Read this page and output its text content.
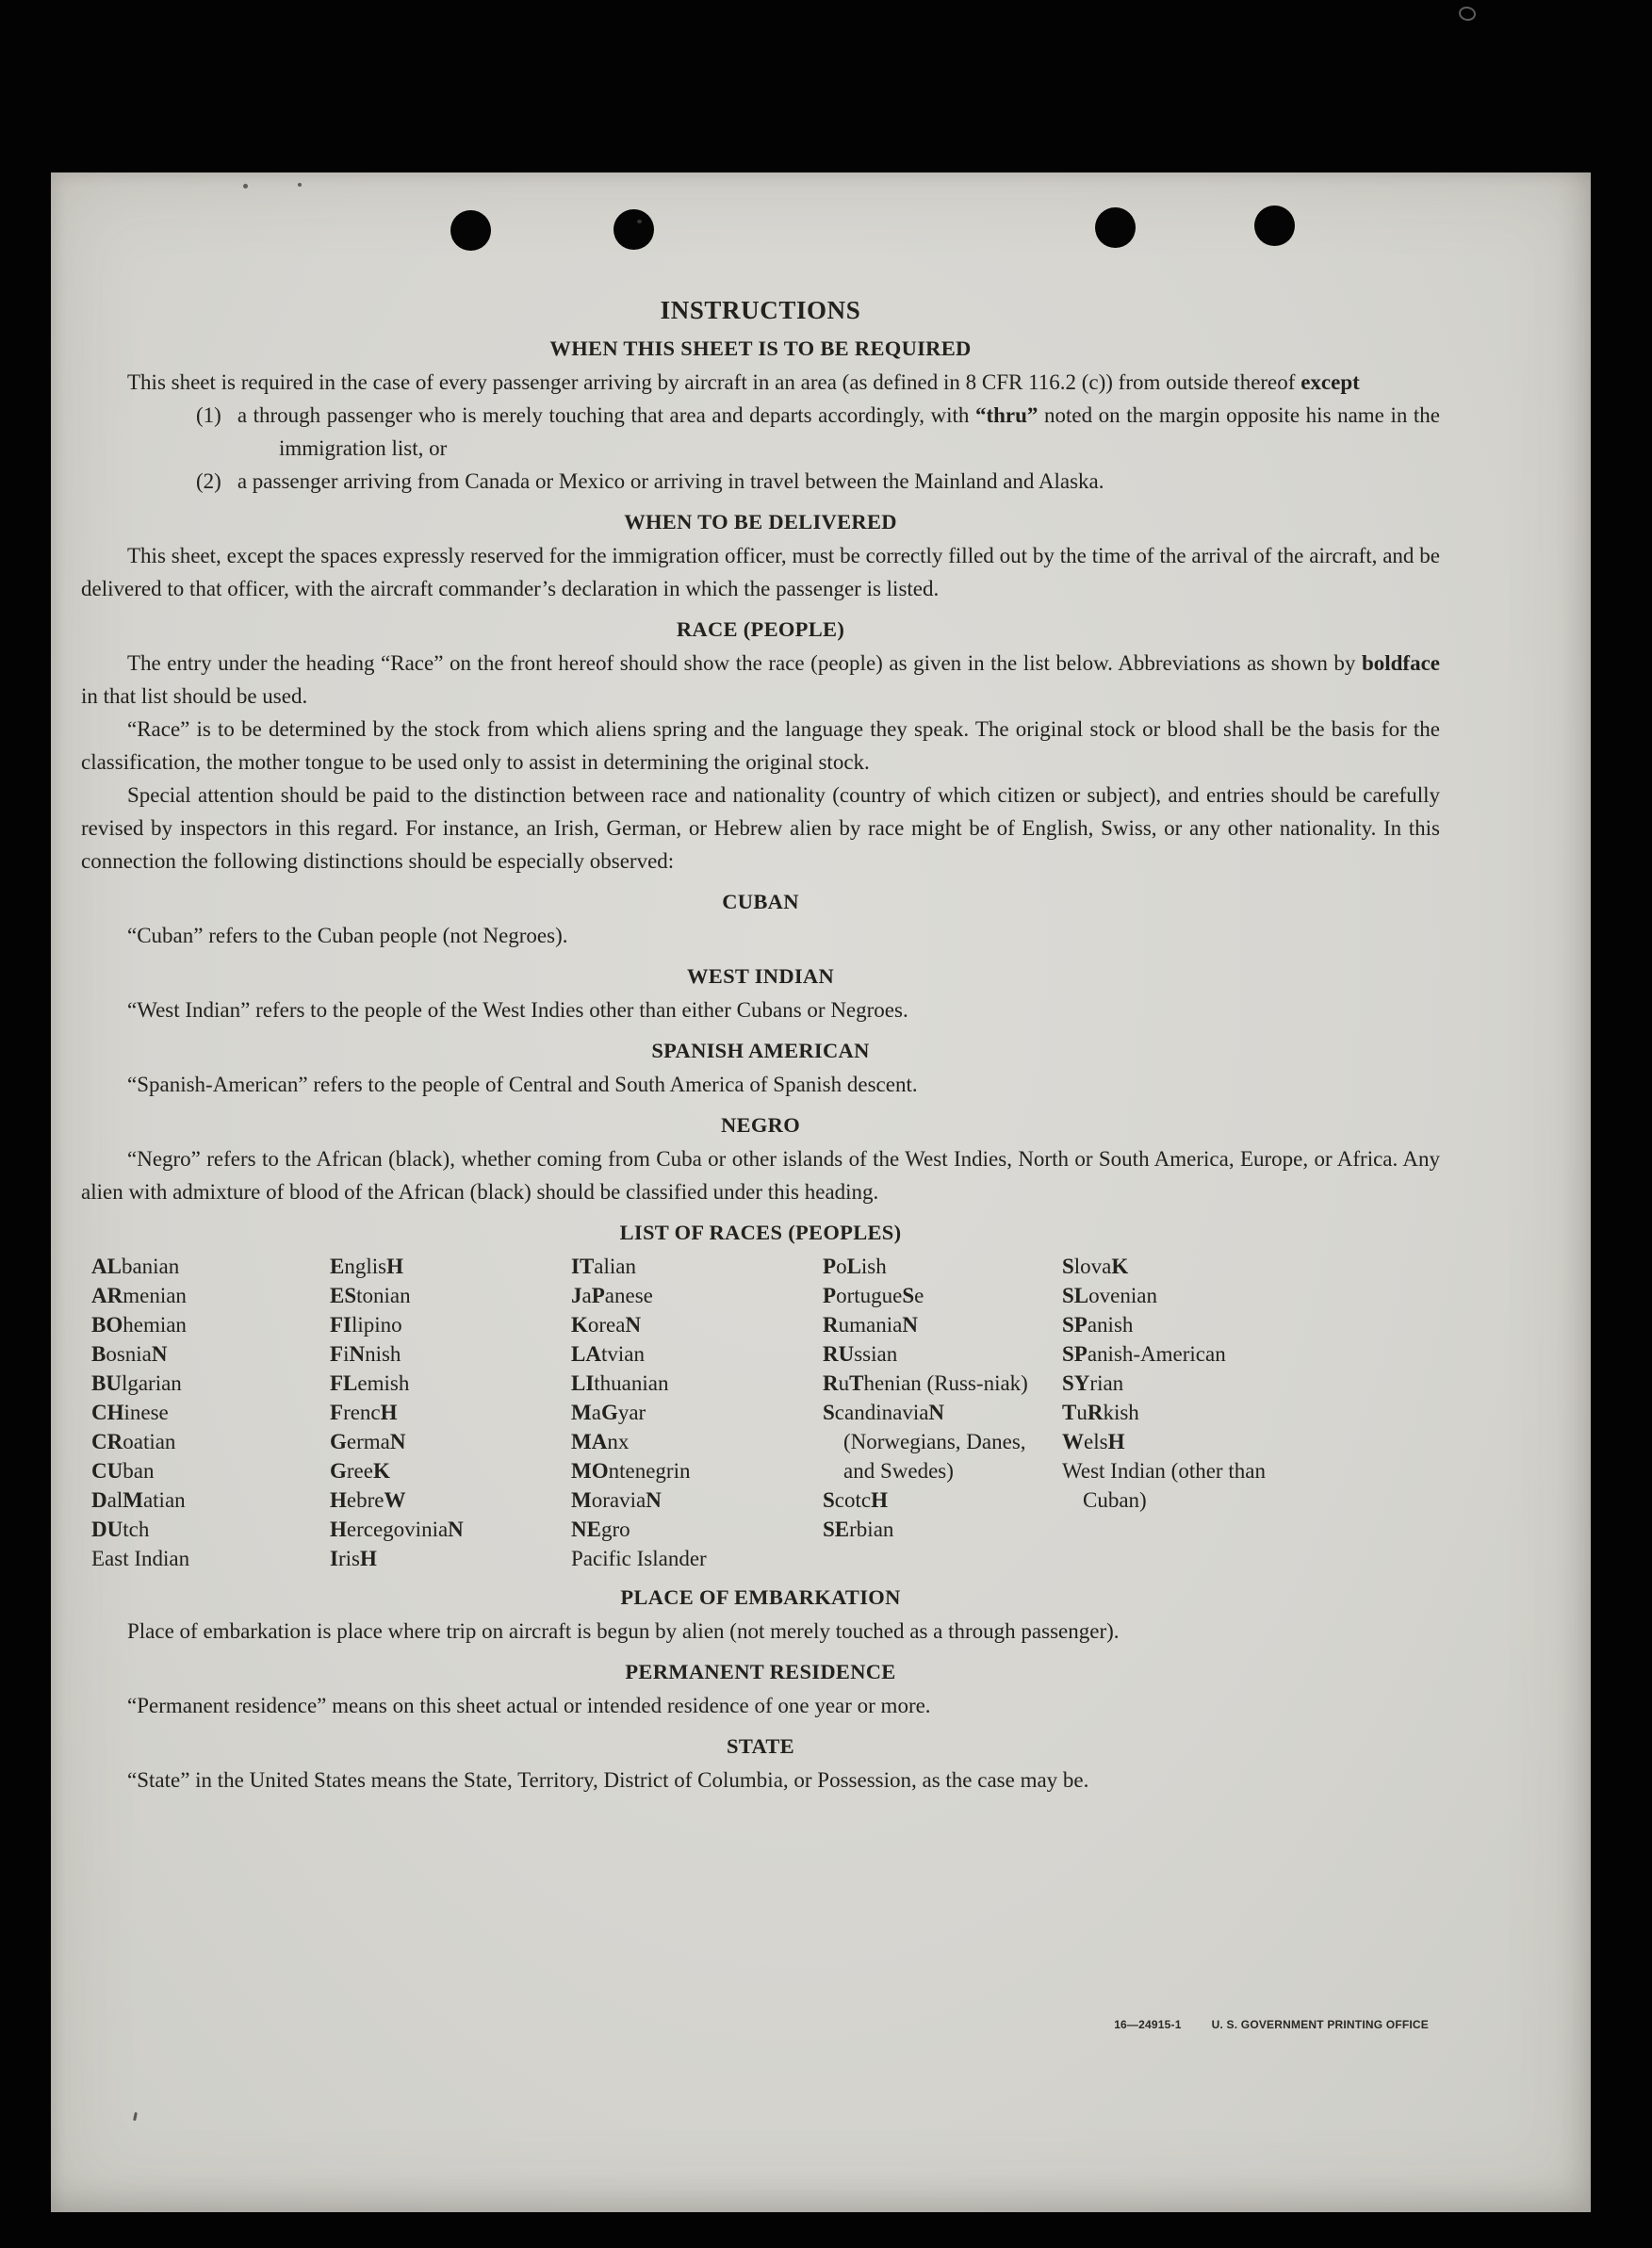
INSTRUCTIONS
WHEN THIS SHEET IS TO BE REQUIRED

This sheet is required in the case of every passenger arriving by aircraft in an area (as defined in 8 CFR 116.2 (c)) from outside thereof except

(1) a through passenger who is merely touching that area and departs accordingly, with “thru” noted on the margin opposite his name in the immigration list, or

(2) a passenger arriving from Canada or Mexico or arriving in travel between the Mainland and Alaska.

WHEN TO BE DELIVERED

This sheet, except the spaces expressly reserved for the immigration officer, must be correctly filled out by the time of the arrival of the aircraft, and be delivered to that officer, with the aircraft commander’s declaration in which the passenger is listed.

RACE (PEOPLE)

The entry under the heading “Race” on the front hereof should show the race (people) as given in the list below. Abbreviations as shown by boldface in that list should be used.

“Race” is to be determined by the stock from which aliens spring and the language they speak. The original stock or blood shall be the basis for the classification, the mother tongue to be used only to assist in determining the original stock.

Special attention should be paid to the distinction between race and nationality (country of which citizen or subject), and entries should be carefully revised by inspectors in this regard. For instance, an Irish, German, or Hebrew alien by race might be of English, Swiss, or any other nationality. In this connection the following distinctions should be especially observed:

CUBAN

“Cuban” refers to the Cuban people (not Negroes).

WEST INDIAN

“West Indian” refers to the people of the West Indies other than either Cubans or Negroes.

SPANISH AMERICAN

“Spanish-American” refers to the people of Central and South America of Spanish descent.

NEGRO

“Negro” refers to the African (black), whether coming from Cuba or other islands of the West Indies, North or South America, Europe, or Africa. Any alien with admixture of blood of the African (black) should be classified under this heading.

LIST OF RACES (PEOPLES)
ALbanian
ARmenian
BOhemian
BosniaN
BUlgarian
CHinese
CRoatian
CUban
DalMatian
DUtch
East Indian
EnglisH
EStonian
FIlipino
FiNnish
FLemish
FrencH
GermaN
GreeK
HebreW
HercegoviniaN
IrisH
ITalian
JaPanese
KoreaN
LAtvian
LIthuanian
MaGyar
MAnx
MOntenegrin
MoraviaN
NEgro
Pacific Islander
PoLish
PortugueSe
RumaniaN
RUssian
RuThenian (Russ-niak)
ScandinaviaN (Norwegians, Danes, and Swedes)
ScotcH
SErbian
SlovaK
SLovenian
SPanish
SPanish-American
SYrian
TuRkish
WelsH
West Indian (other than Cuban)
PLACE OF EMBARKATION

Place of embarkation is place where trip on aircraft is begun by alien (not merely touched as a through passenger).

PERMANENT RESIDENCE

“Permanent residence” means on this sheet actual or intended residence of one year or more.

STATE

“State” in the United States means the State, Territory, District of Columbia, or Possession, as the case may be.

16—24915-1	U. S. GOVERNMENT PRINTING OFFICE
